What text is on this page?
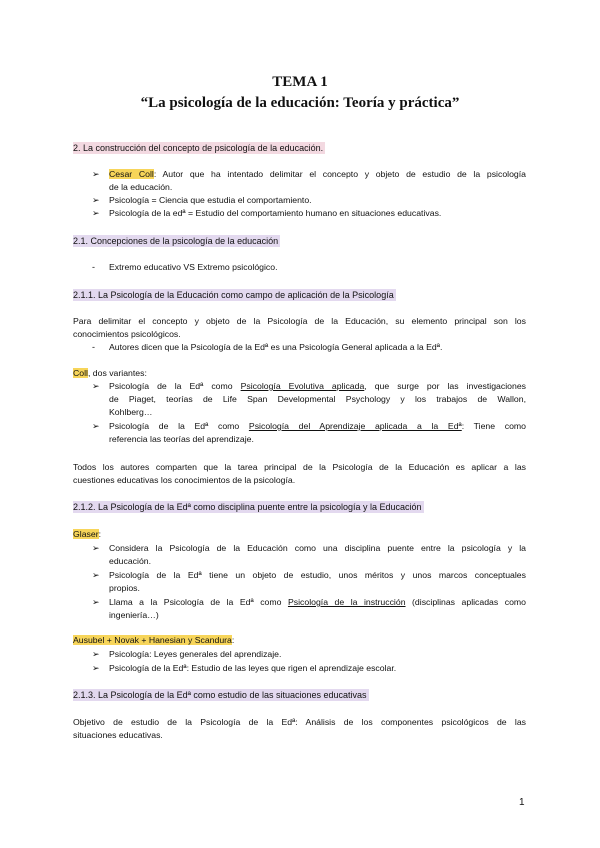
TEMA 1
“La psicología de la educación: Teoría y práctica”
2. La construcción del concepto de psicología de la educación.
➢ Cesar Coll: Autor que ha intentado delimitar el concepto y objeto de estudio de la psicología
de la educación.
➢ Psicología = Ciencia que estudia el comportamiento.
➢ Psicología de la edª = Estudio del comportamiento humano en situaciones educativas.
2.1. Concepciones de la psicología de la educación
- Extremo educativo VS Extremo psicológico.
2.1.1. La Psicología de la Educación como campo de aplicación de la Psicología
Para delimitar el concepto y objeto de la Psicología de la Educación, su elemento principal son los
conocimientos psicológicos.
- Autores dicen que la Psicología de la Edª es una Psicología General aplicada a la Edª.
Coll, dos variantes:
➢ Psicología de la Edª como Psicología Evolutiva aplicada, que surge por las investigaciones
de Piaget, teorías de Life Span Developmental Psychology y los trabajos de Wallon,
Kohlberg…
➢ Psicología de la Edª como Psicología del Aprendizaje aplicada a la Edª: Tiene como
referencia las teorías del aprendizaje.
Todos los autores comparten que la tarea principal de la Psicología de la Educación es aplicar a las
cuestiones educativas los conocimientos de la psicología.
2.1.2. La Psicología de la Edª como disciplina puente entre la psicología y la Educación
Glaser:
➢ Considera la Psicología de la Educación como una disciplina puente entre la psicología y la
educación.
➢ Psicología de la Edª tiene un objeto de estudio, unos méritos y unos marcos conceptuales
propios.
➢ Llama a la Psicología de la Edª como Psicología de la instrucción (disciplinas aplicadas como
ingeniería…)
Ausubel + Novak + Hanesian y Scandura:
➢ Psicología: Leyes generales del aprendizaje.
➢ Psicología de la Edª: Estudio de las leyes que rigen el aprendizaje escolar.
2.1.3. La Psicología de la Edª como estudio de las situaciones educativas
Objetivo de estudio de la Psicología de la Edª: Análisis de los componentes psicológicos de las
situaciones educativas.
1
